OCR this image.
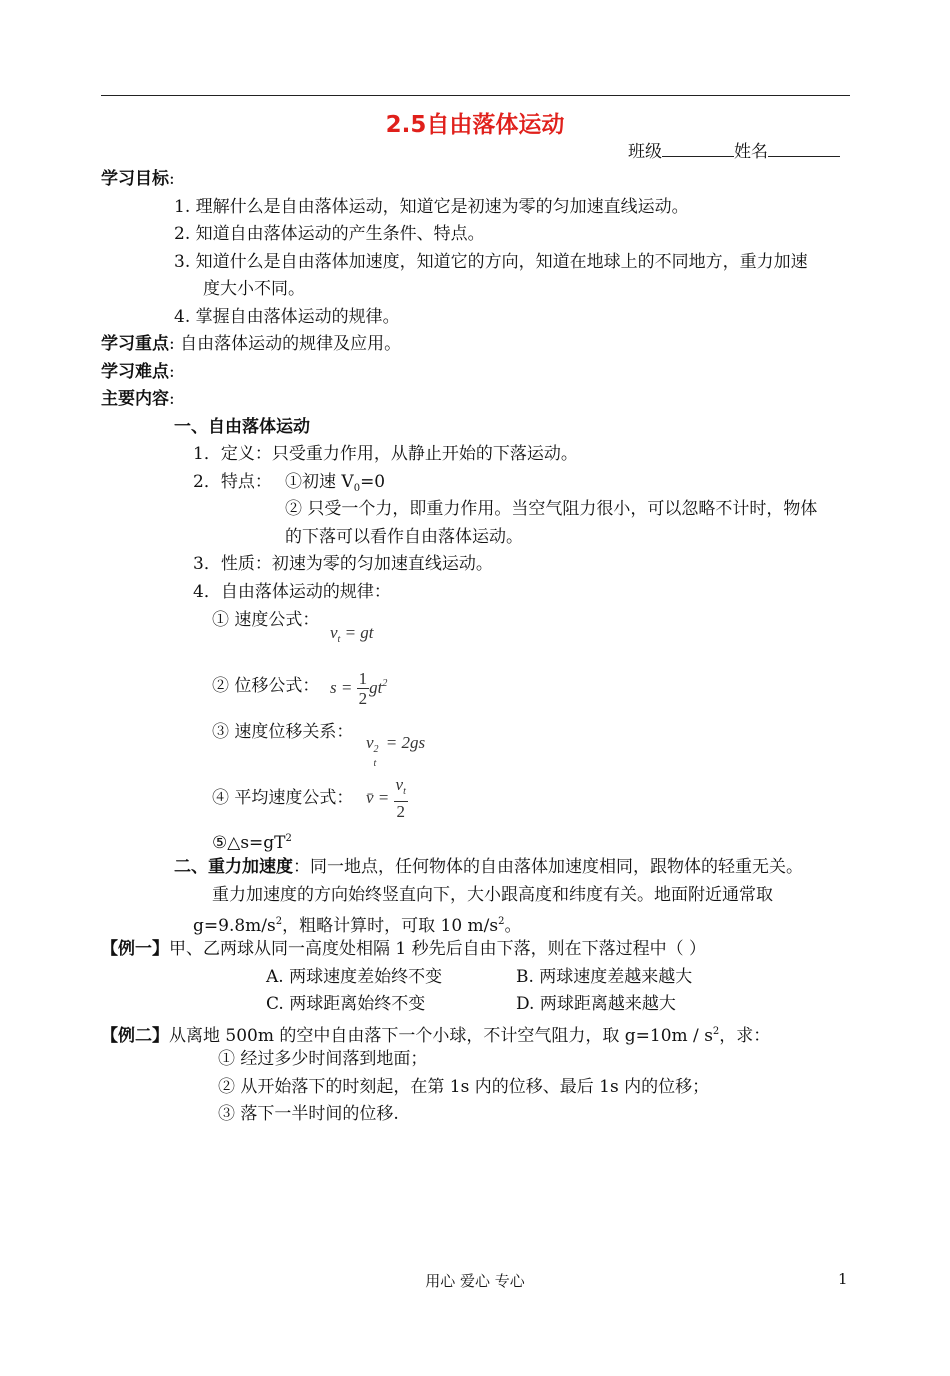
2.5自由落体运动
班级	姓名
学习目标:
1. 理解什么是自由落体运动，知道它是初速为零的匀加速直线运动。
2. 知道自由落体运动的产生条件、特点。
3. 知道什么是自由落体加速度，知道它的方向，知道在地球上的不同地方，重力加速
度大小不同。
4. 掌握自由落体运动的规律。
学习重点: 自由落体运动的规律及应用。
学习难点:
主要内容:
一、自由落体运动
1．定义：只受重力作用，从静止开始的下落运动。
2．特点： ①初速 $V_0=0$
② 只受一个力，即重力作用。当空气阻力很小，可以忽略不计时，物体
的下落可以看作自由落体运动。
3．性质：初速为零的匀加速直线运动。
4．自由落体运动的规律：
① 速度公式：
$v_t$ = gt
② 位移公式： $s = \frac{1}{2} gt^2$
③ 速度位移关系：
v 2
t
= 2gs
④ 平均速度公式： v̄ = $\frac{v_t}{2}$
$⑤\triangle s=gT^2$
二、重力加速度：同一地点，任何物体的自由落体加速度相同，跟物体的轻重无关。
重力加速度的方向始终竖直向下，大小跟高度和纬度有关。地面附近通常取
$g=9.8m/s^2$，粗略计算时，可取 10 $m/s^2$。
【例一】甲、乙两球从同一高度处相隔 1 秒先后自由下落，则在下落过程中（ ）
A. 两球速度差始终不变	B. 两球速度差越来越大
C. 两球距离始终不变	D. 两球距离越来越大
【例二】从离地 500m 的空中自由落下一个小球，不计空气阻力，取 $g=10m / s^2$，求：
① 经过多少时间落到地面；
② 从开始落下的时刻起，在第 1s 内的位移、最后 1s 内的位移；
③ 落下一半时间的位移.
用心 爱心 专心	1
